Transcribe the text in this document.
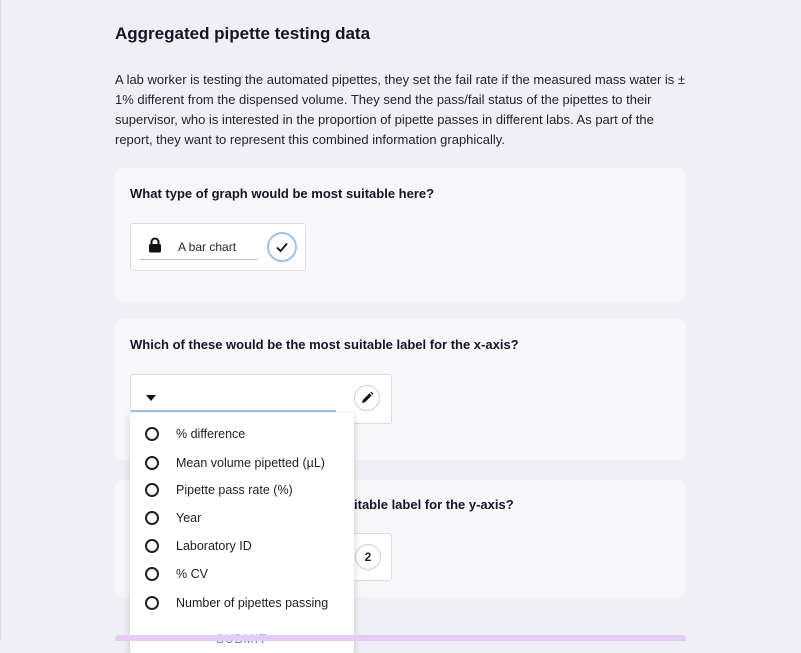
Aggregated pipette testing data
A lab worker is testing the automated pipettes, they set the fail rate if the measured mass water is ± 1% different from the dispensed volume. They send the pass/fail status of the pipettes to their supervisor, who is interested in the proportion of pipette passes in different labs. As part of the report, they want to represent this combined information graphically.
What type of graph would be most suitable here?
A bar chart
Which of these would be the most suitable label for the x-axis?
itable label for the y-axis?
2
% difference
Mean volume pipetted (µL)
Pipette pass rate (%)
Year
Laboratory ID
% CV
Number of pipettes passing
